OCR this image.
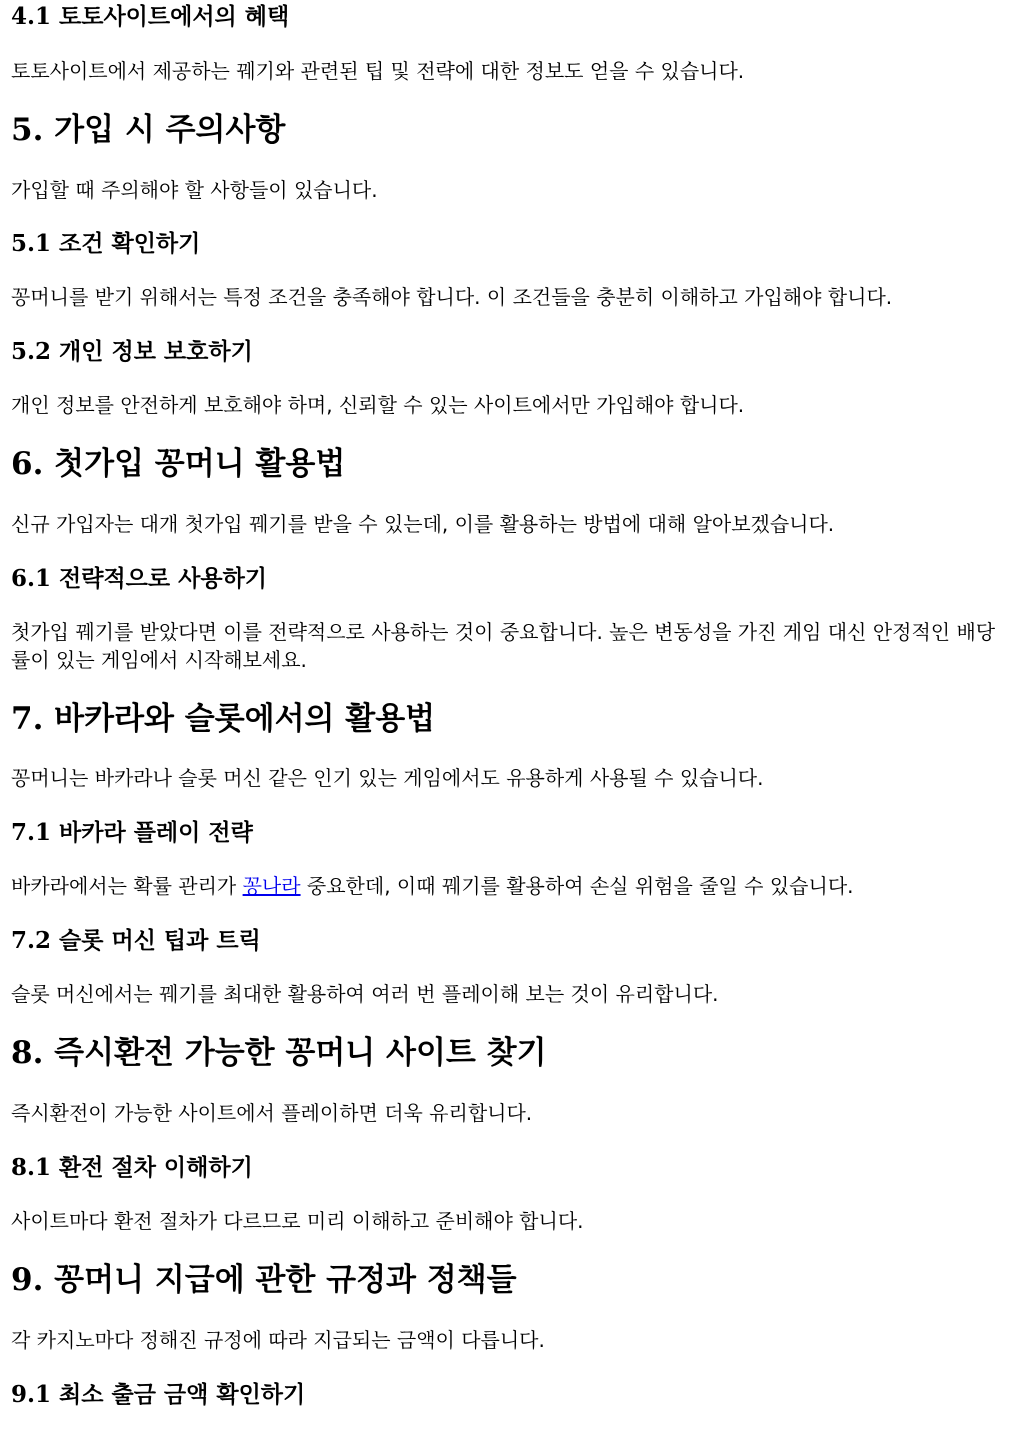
4.1 토토사이트에서의 혜택

토토사이트에서 제공하는 꿰기와 관련된 팁 및 전략에 대한 정보도 얻을 수 있습니다.

5. 가입 시 주의사항

가입할 때 주의해야 할 사항들이 있습니다.

5.1 조건 확인하기

꽁머니를 받기 위해서는 특정 조건을 충족해야 합니다. 이 조건들을 충분히 이해하고 가입해야 합니다.

5.2 개인 정보 보호하기

개인 정보를 안전하게 보호해야 하며, 신뢰할 수 있는 사이트에서만 가입해야 합니다.

6. 첫가입 꽁머니 활용법

신규 가입자는 대개 첫가입 꿰기를 받을 수 있는데, 이를 활용하는 방법에 대해 알아보겠습니다.

6.1 전략적으로 사용하기

첫가입 꿰기를 받았다면 이를 전략적으로 사용하는 것이 중요합니다. 높은 변동성을 가진 게임 대신 안정적인 배당률이 있는 게임에서 시작해보세요.

7. 바카라와 슬롯에서의 활용법

꽁머니는 바카라나 슬롯 머신 같은 인기 있는 게임에서도 유용하게 사용될 수 있습니다.

7.1 바카라 플레이 전략

바카라에서는 확률 관리가 꽁나라 중요한데, 이때 꿰기를 활용하여 손실 위험을 줄일 수 있습니다.

7.2 슬롯 머신 팁과 트릭

슬롯 머신에서는 꿰기를 최대한 활용하여 여러 번 플레이해 보는 것이 유리합니다.

8. 즉시환전 가능한 꽁머니 사이트 찾기

즉시환전이 가능한 사이트에서 플레이하면 더욱 유리합니다.

8.1 환전 절차 이해하기

사이트마다 환전 절차가 다르므로 미리 이해하고 준비해야 합니다.

9. 꽁머니 지급에 관한 규정과 정책들

각 카지노마다 정해진 규정에 따라 지급되는 금액이 다릅니다.

9.1 최소 출금 금액 확인하기
